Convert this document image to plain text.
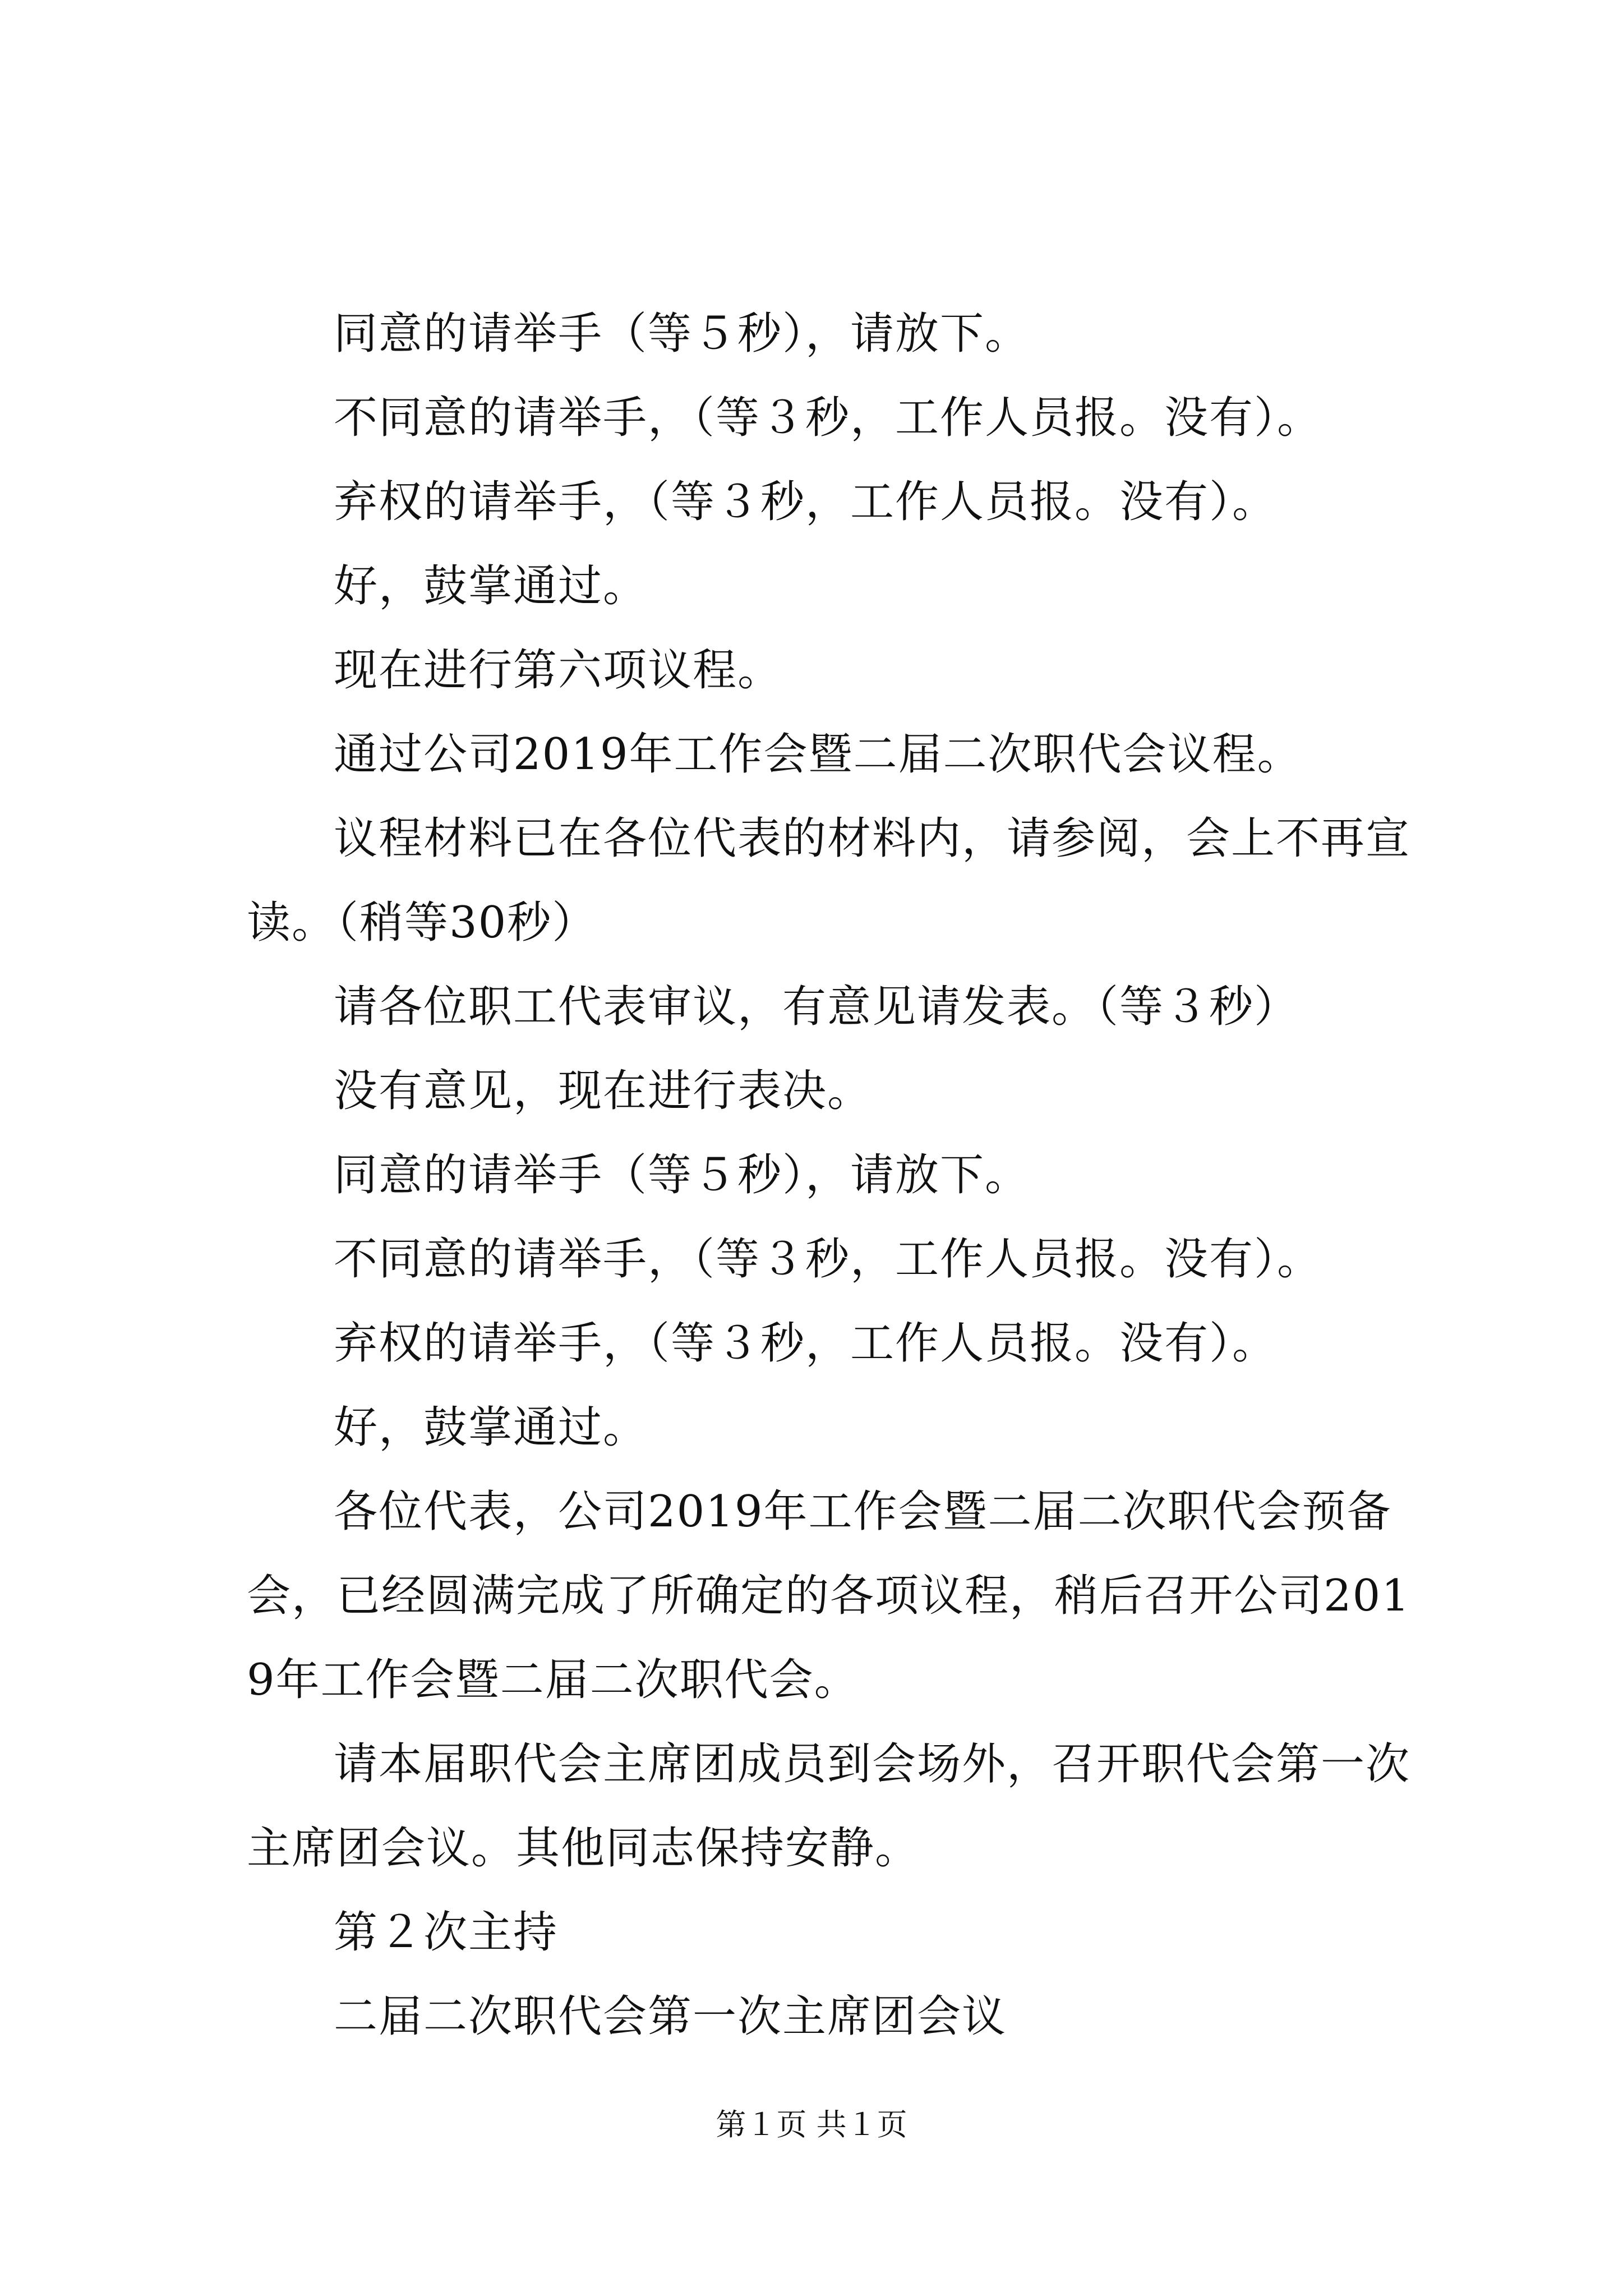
同意的请举手（等５秒），请放下。

不同意的请举手，（等３秒，工作人员报。没有）。

弃权的请举手，（等３秒，工作人员报。没有）。

好，鼓掌通过。

现在进行第六项议程。

通过公司2019年工作会暨二届二次职代会议程。

议程材料已在各位代表的材料内，请参阅，会上不再宣读。（稍等30秒）

请各位职工代表审议，有意见请发表。（等３秒）

没有意见，现在进行表决。

同意的请举手（等５秒），请放下。

不同意的请举手，（等３秒，工作人员报。没有）。

弃权的请举手，（等３秒，工作人员报。没有）。

好，鼓掌通过。

各位代表，公司2019年工作会暨二届二次职代会预备会，已经圆满完成了所确定的各项议程，稍后召开公司2019年工作会暨二届二次职代会。

请本届职代会主席团成员到会场外，召开职代会第一次主席团会议。其他同志保持安静。

第２次主持

二届二次职代会第一次主席团会议

第１页 共１页
